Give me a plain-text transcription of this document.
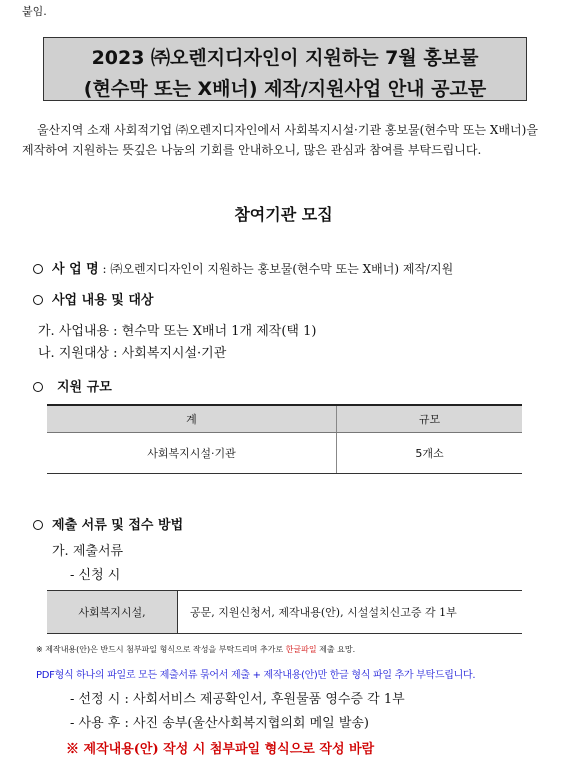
붙임.
2023 ㈜오렌지디자인이 지원하는 7월 홍보물
(현수막 또는 X배너) 제작/지원사업 안내 공고문
울산지역 소재 사회적기업 ㈜오렌지디자인에서 사회복지시설·기관 홍보물(현수막 또는 X배너)을 제작하여 지원하는 뜻깊은 나눔의 기회를 안내하오니, 많은 관심과 참여를 부탁드립니다.
참여기관 모집
사 업 명 : ㈜오렌지디자인이 지원하는 홍보물(현수막 또는 X배너) 제작/지원
사업 내용 및 대상
가. 사업내용 : 현수막 또는 X배너 1개 제작(택 1)
나. 지원대상 : 사회복지시설·기관
지원 규모
계	규모
사회복지시설·기관	5개소
제출 서류 및 접수 방법
가. 제출서류
- 신청 시
사회복지시설,	공문, 지원신청서, 제작내용(안), 시설설치신고증 각 1부
※ 제작내용(안)은 반드시 첨부파일 형식으로 작성을 부탁드리며 추가로 한글파일 제출 요망.
PDF형식 하나의 파일로 모든 제출서류 묶어서 제출 + 제작내용(안)만 한글 형식 파일 추가 부탁드립니다.
- 선정 시 : 사회서비스 제공확인서, 후원물품 영수증 각 1부
- 사용 후 : 사진 송부(울산사회복지협의회 메일 발송)
※ 제작내용(안) 작성 시 첨부파일 형식으로 작성 바람
